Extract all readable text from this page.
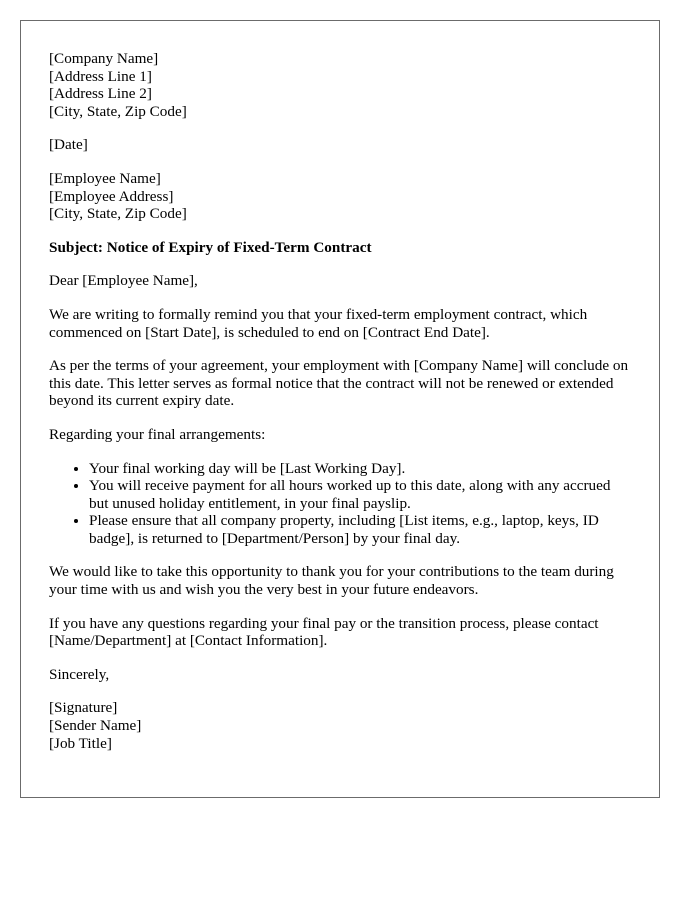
[Company Name]
[Address Line 1]
[Address Line 2]
[City, State, Zip Code]

[Date]

[Employee Name]
[Employee Address]
[City, State, Zip Code]

Subject: Notice of Expiry of Fixed-Term Contract

Dear [Employee Name],

We are writing to formally remind you that your fixed-term employment contract, which commenced on [Start Date], is scheduled to end on [Contract End Date].

As per the terms of your agreement, your employment with [Company Name] will conclude on this date. This letter serves as formal notice that the contract will not be renewed or extended beyond its current expiry date.

Regarding your final arrangements:

• Your final working day will be [Last Working Day].
• You will receive payment for all hours worked up to this date, along with any accrued but unused holiday entitlement, in your final payslip.
• Please ensure that all company property, including [List items, e.g., laptop, keys, ID badge], is returned to [Department/Person] by your final day.

We would like to take this opportunity to thank you for your contributions to the team during your time with us and wish you the very best in your future endeavors.

If you have any questions regarding your final pay or the transition process, please contact [Name/Department] at [Contact Information].

Sincerely,

[Signature]
[Sender Name]
[Job Title]
